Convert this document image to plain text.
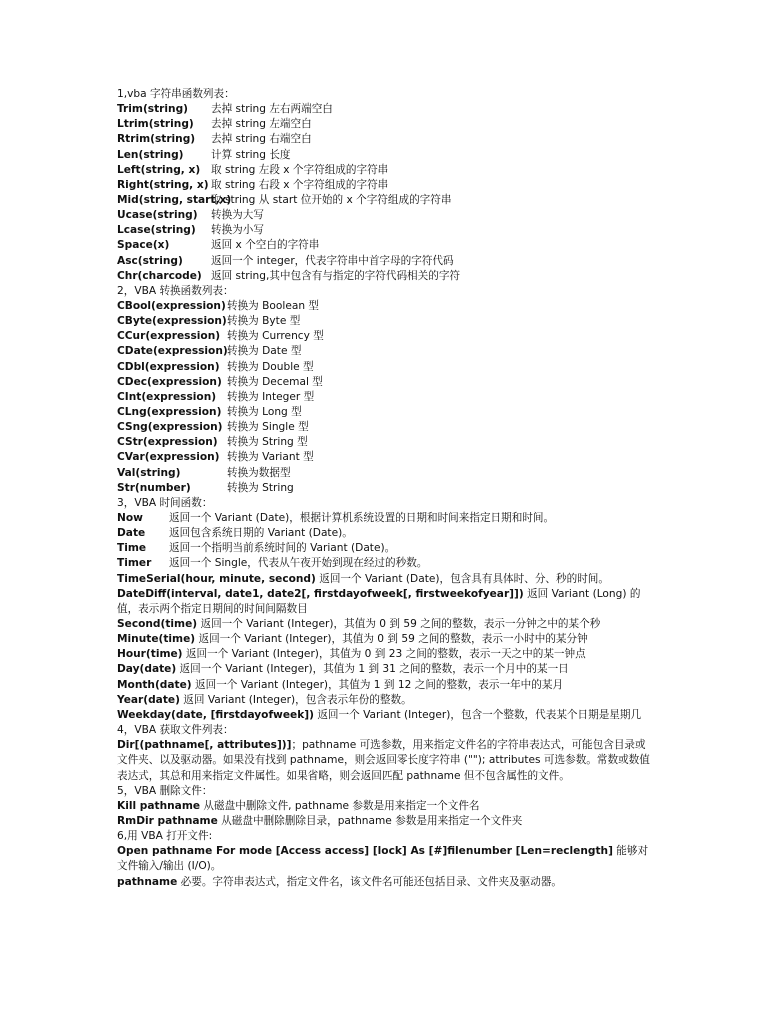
1,vba 字符串函数列表：
Trim(string) 去掉 string 左右两端空白
Ltrim(string) 去掉 string 左端空白
Rtrim(string) 去掉 string 右端空白
Len(string)	计算 string 长度
Left(string, x) 取 string 左段 x 个字符组成的字符串
Right(string, x) 取 string 右段 x 个字符组成的字符串
Mid(string, start,x)取 string 从 start 位开始的 x 个字符组成的字符串
Ucase(string) 转换为大写
Lcase(string) 转换为小写
Space(x)	返回 x 个空白的字符串
Asc(string)	返回一个 integer，代表字符串中首字母的字符代码
Chr(charcode) 返回 string,其中包含有与指定的字符代码相关的字符
2，VBA 转换函数列表：
CBool(expression)转换为 Boolean 型
CByte(expression)转换为 Byte 型
CCur(expression) 转换为 Currency 型
CDate(expression)转换为 Date 型
CDbl(expression) 转换为 Double 型
CDec(expression) 转换为 Decemal 型
CInt(expression) 转换为 Integer 型
CLng(expression) 转换为 Long 型
CSng(expression) 转换为 Single 型
CStr(expression) 转换为 String 型
CVar(expression) 转换为 Variant 型
Val(string)	转换为数据型
Str(number)	转换为 String
3，VBA 时间函数：
Now 返回一个 Variant (Date)，根据计算机系统设置的日期和时间来指定日期和时间。
Date 返回包含系统日期的 Variant (Date)。
Time 返回一个指明当前系统时间的 Variant (Date)。
Timer 返回一个 Single，代表从午夜开始到现在经过的秒数。
TimeSerial(hour, minute, second) 返回一个 Variant (Date)，包含具有具体时、分、秒的时间。
DateDiff(interval, date1, date2[, firstdayofweek[, firstweekofyear]]) 返回 Variant (Long) 的值，表示两个指定日期间的时间间隔数目
Second(time) 返回一个 Variant (Integer)，其值为 0 到 59 之间的整数，表示一分钟之中的某个秒
Minute(time) 返回一个 Variant (Integer)，其值为 0 到 59 之间的整数，表示一小时中的某分钟
Hour(time) 返回一个 Variant (Integer)，其值为 0 到 23 之间的整数，表示一天之中的某一钟点
Day(date) 返回一个 Variant (Integer)，其值为 1 到 31 之间的整数，表示一个月中的某一日
Month(date) 返回一个 Variant (Integer)，其值为 1 到 12 之间的整数，表示一年中的某月
Year(date) 返回 Variant (Integer)，包含表示年份的整数。
Weekday(date, [firstdayofweek]) 返回一个 Variant (Integer)，包含一个整数，代表某个日期是星期几
4，VBA 获取文件列表：
Dir[(pathname[, attributes])]；pathname 可选参数，用来指定文件名的字符串表达式，可能包含目录或文件夹、以及驱动器。如果没有找到 pathname，则会返回零长度字符串 (""); attributes 可选参数。常数或数值表达式，其总和用来指定文件属性。如果省略，则会返回匹配 pathname 但不包含属性的文件。
5，VBA 删除文件：
Kill pathname 从磁盘中删除文件, pathname 参数是用来指定一个文件名
RmDir pathname 从磁盘中删除删除目录，pathname 参数是用来指定一个文件夹
6,用 VBA 打开文件:
Open pathname For mode [Access access] [lock] As [#]filenumber [Len=reclength] 能够对文件输入/输出 (I/O)。
pathname 必要。字符串表达式，指定文件名，该文件名可能还包括目录、文件夹及驱动器。
